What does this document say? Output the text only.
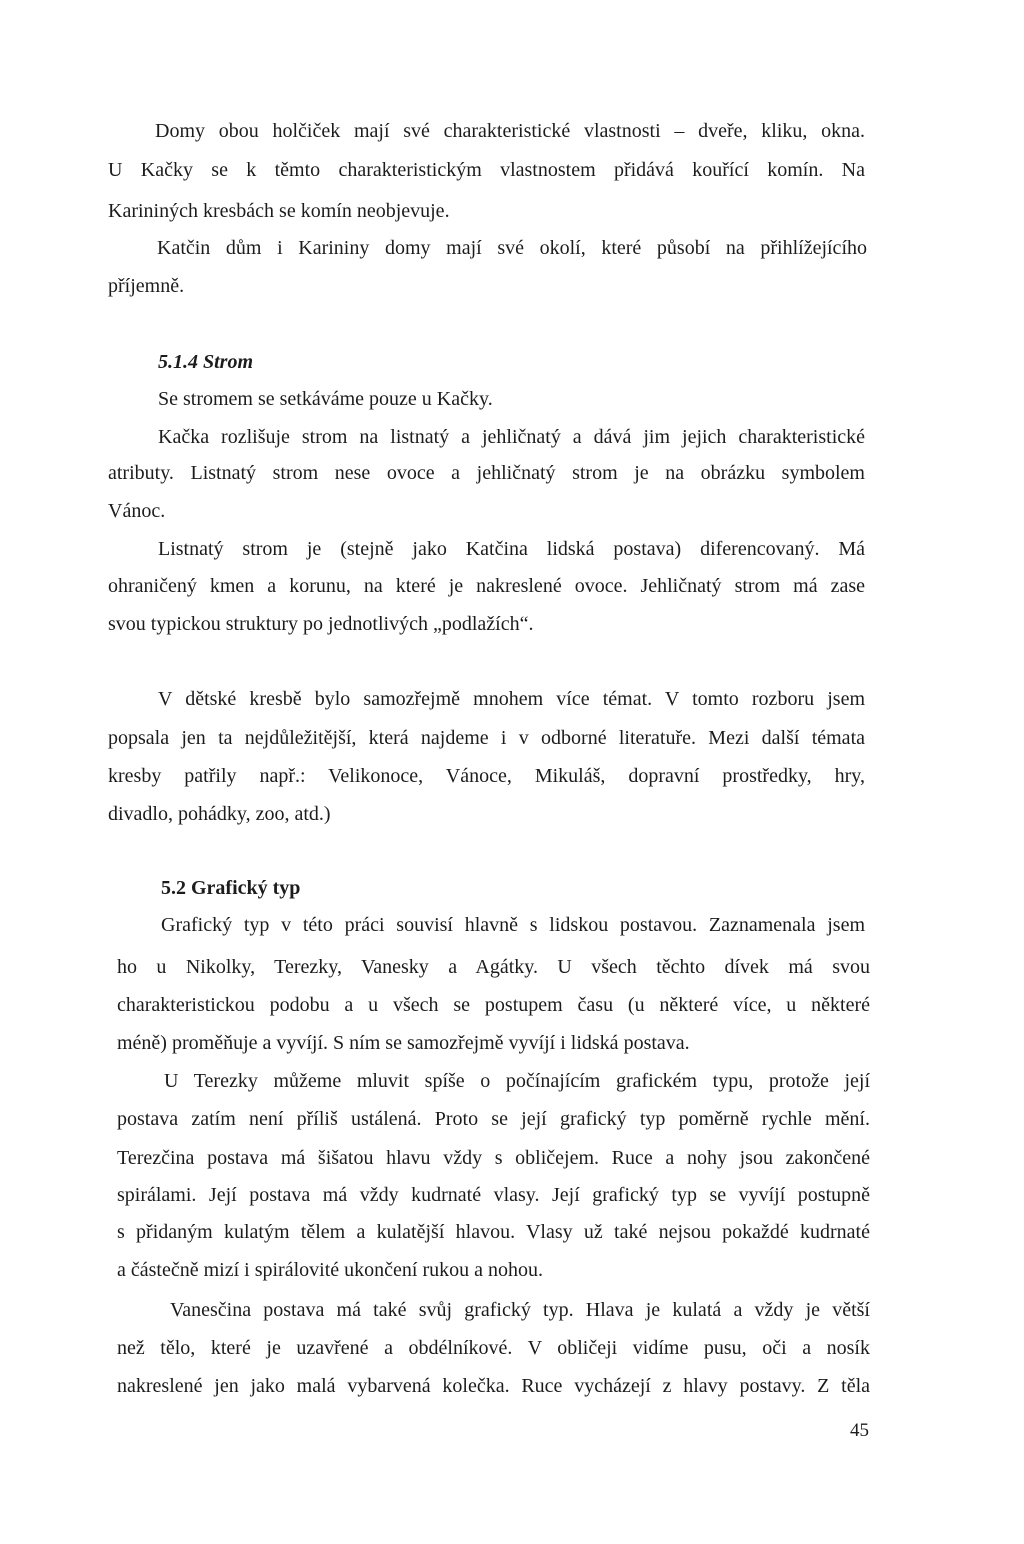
Domy obou holčiček mají své charakteristické vlastnosti – dveře, kliku, okna.

U Kačky se k těmto charakteristickým vlastnostem přidává kouřící komín. Na

Karininých kresbách se komín neobjevuje.

Katčin dům i Karininy domy mají své okolí, které působí na přihlížejícího

příjemně.

5.1.4 Strom

Se stromem se setkáváme pouze u Kačky.

Kačka rozlišuje strom na listnatý a jehličnatý a dává jim jejich charakteristické

atributy. Listnatý strom nese ovoce a jehličnatý strom je na obrázku symbolem

Vánoc.

Listnatý strom je (stejně jako Katčina lidská postava) diferencovaný. Má

ohraničený kmen a korunu, na které je nakreslené ovoce. Jehličnatý strom má zase

svou typickou struktury po jednotlivých „podlažích“.

V dětské kresbě bylo samozřejmě mnohem více témat. V tomto rozboru jsem

popsala jen ta nejdůležitější, která najdeme i v odborné literatuře. Mezi další témata

kresby patřily např.: Velikonoce, Vánoce, Mikuláš, dopravní prostředky, hry,

divadlo, pohádky, zoo, atd.)

5.2 Grafický typ

Grafický typ v této práci souvisí hlavně s lidskou postavou. Zaznamenala jsem

ho u Nikolky, Terezky, Vanesky a Agátky. U všech těchto dívek má svou

charakteristickou podobu a u všech se postupem času (u některé více, u některé

méně) proměňuje a vyvíjí. S ním se samozřejmě vyvíjí i lidská postava.

U Terezky můžeme mluvit spíše o počínajícím grafickém typu, protože její

postava zatím není příliš ustálená. Proto se její grafický typ poměrně rychle mění.

Terezčina postava má šišatou hlavu vždy s obličejem. Ruce a nohy jsou zakončené

spirálami. Její postava má vždy kudrnaté vlasy. Její grafický typ se vyvíjí postupně

s přidaným kulatým tělem a kulatější hlavou. Vlasy už také nejsou pokaždé kudrnaté

a částečně mizí i spirálovité ukončení rukou a nohou.

Vanesčina postava má také svůj grafický typ. Hlava je kulatá a vždy je větší

než tělo, které je uzavřené a obdélníkové. V obličeji vidíme pusu, oči a nosík

nakreslené jen jako malá vybarvená kolečka. Ruce vycházejí z hlavy postavy. Z těla

45
